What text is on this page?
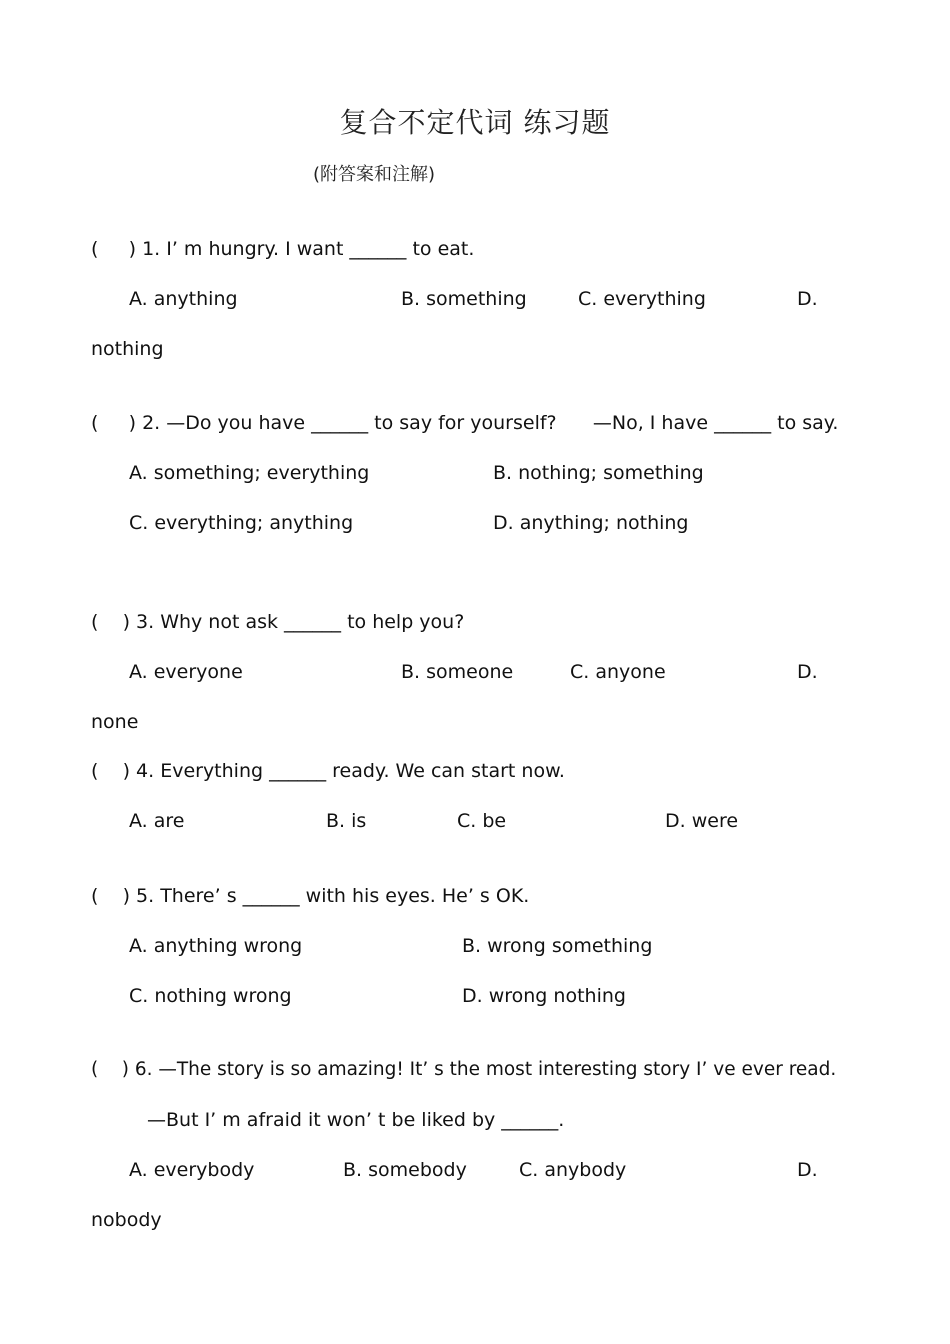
复合不定代词 练习题
(附答案和注解)
(     ) 1. I’ m hungry. I want ______ to eat.
A. anything	B. something	C. everything	D.
nothing
(     ) 2. —Do you have ______ to say for yourself?      —No, I have ______ to say.
A. something; everything	B. nothing; something
C. everything; anything	D. anything; nothing
(    ) 3. Why not ask ______ to help you?
A. everyone	B. someone	C. anyone	D.
none
(    ) 4. Everything ______ ready. We can start now.
A. are	B. is	C. be	D. were
(    ) 5. There’ s ______ with his eyes. He’ s OK.
A. anything wrong	B. wrong something
C. nothing wrong	D. wrong nothing
(    ) 6. —The story is so amazing! It’ s the most interesting story I’ ve ever read.
—But I’ m afraid it won’ t be liked by ______.
A. everybody	B. somebody	C. anybody	D.
nobody
